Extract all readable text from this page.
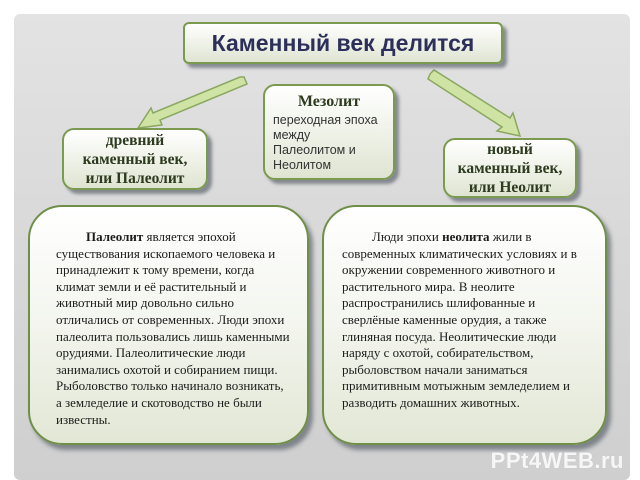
Каменный век делится
древний
каменный век,
или Палеолит
Мезолит
переходная эпоха
между
Палеолитом и
Неолитом
новый
каменный век,
или Неолит

Палеолит является эпохой существования ископаемого человека и принадлежит к тому времени, когда климат земли и её растительный и животный мир довольно сильно отличались от современных. Люди эпохи палеолита пользовались лишь каменными орудиями. Палеолитические люди занимались охотой и собиранием пищи. Рыболовство только начинало возникать, а земледелие и скотоводство не были известны.

Люди эпохи неолита жили в современных климатических условиях и в окружении современного животного и растительного мира. В неолите распространились шлифованные и сверлёные каменные орудия, а также глиняная посуда. Неолитические люди наряду с охотой, собирательством, рыболовством начали заниматься примитивным мотыжным земледелием и разводить домашних животных.

PPt4WEB.ru
